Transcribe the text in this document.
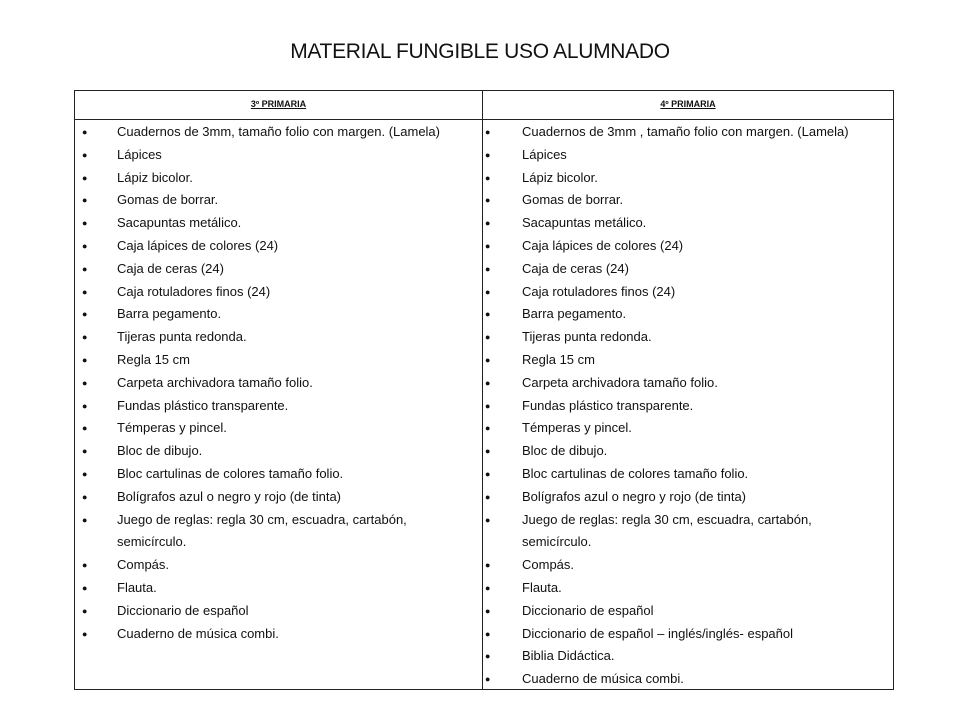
MATERIAL FUNGIBLE USO ALUMNADO
3º PRIMARIA	4º PRIMARIA
● Cuadernos de 3mm, tamaño folio con margen. (Lamela)
● Lápices
● Lápiz bicolor.
● Gomas de borrar.
● Sacapuntas metálico.
● Caja lápices de colores (24)
● Caja de ceras (24)
● Caja rotuladores finos (24)
● Barra pegamento.
● Tijeras punta redonda.
● Regla 15 cm
● Carpeta archivadora tamaño folio.
● Fundas plástico transparente.
● Témperas y pincel.
● Bloc de dibujo.
● Bloc cartulinas de colores tamaño folio.
● Bolígrafos azul o negro y rojo (de tinta)
● Juego de reglas: regla 30 cm, escuadra, cartabón, semicírculo.
● Compás.
● Flauta.
● Diccionario de español
● Cuaderno de música combi.
● Cuadernos de 3mm , tamaño folio con margen. (Lamela)
● Lápices
● Lápiz bicolor.
● Gomas de borrar.
● Sacapuntas metálico.
● Caja lápices de colores (24)
● Caja de ceras (24)
● Caja rotuladores finos (24)
● Barra pegamento.
● Tijeras punta redonda.
● Regla 15 cm
● Carpeta archivadora tamaño folio.
● Fundas plástico transparente.
● Témperas y pincel.
● Bloc de dibujo.
● Bloc cartulinas de colores tamaño folio.
● Bolígrafos azul o negro y rojo (de tinta)
● Juego de reglas: regla 30 cm, escuadra, cartabón, semicírculo.
● Compás.
● Flauta.
● Diccionario de español
● Diccionario de español – inglés/inglés- español
● Biblia Didáctica.
● Cuaderno de música combi.
